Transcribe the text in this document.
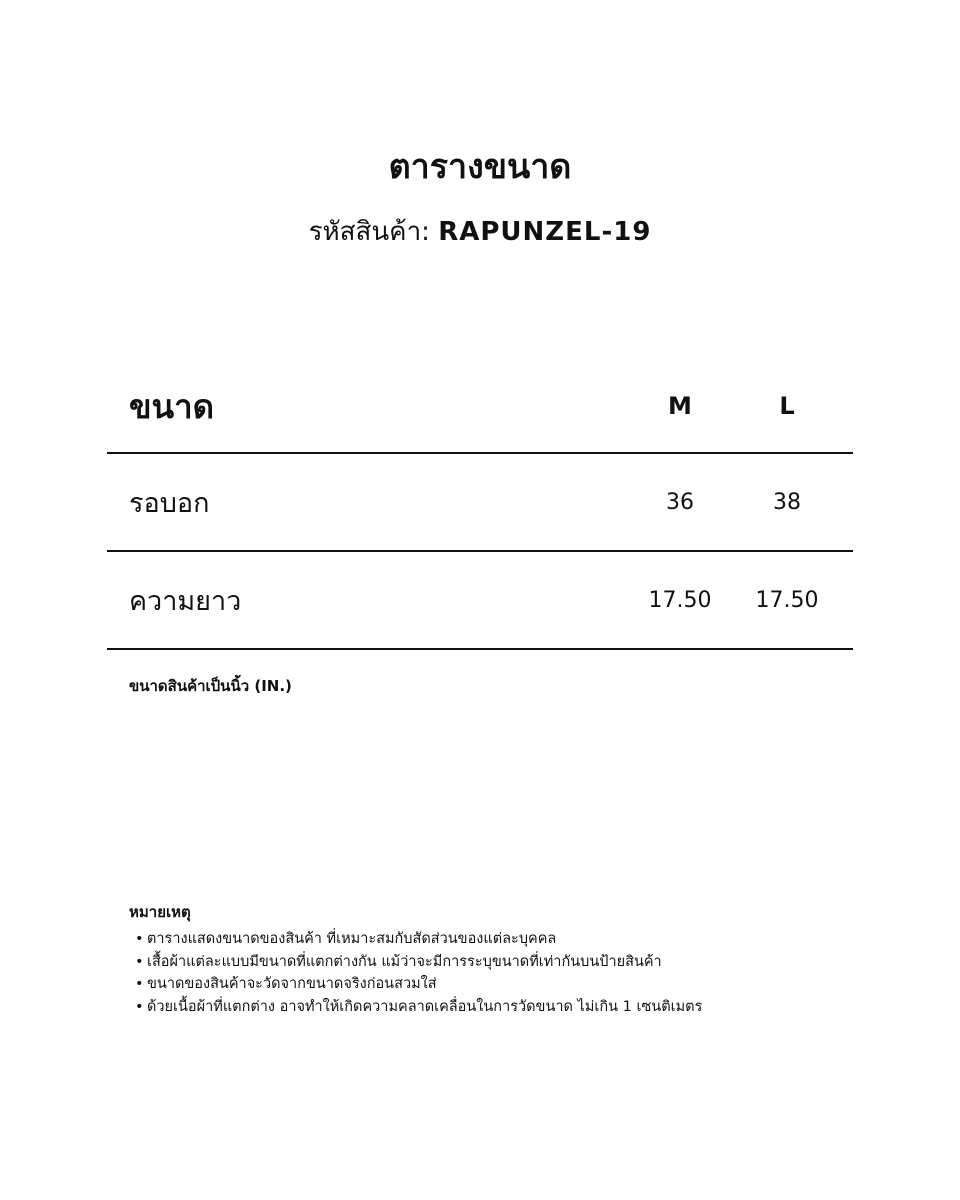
ตารางขนาด
รหัสสินค้า: RAPUNZEL-19
ขนาด	M	L
รอบอก	36	38
ความยาว	17.50	17.50
ขนาดสินค้าเป็นนิ้ว (IN.)
หมายเหตุ
• ตารางแสดงขนาดของสินค้า ที่เหมาะสมกับสัดส่วนของแต่ละบุคคล
• เสื้อผ้าแต่ละแบบมีขนาดที่แตกต่างกัน แม้ว่าจะมีการระบุขนาดที่เท่ากันบนป้ายสินค้า
• ขนาดของสินค้าจะวัดจากขนาดจริงก่อนสวมใส่
• ด้วยเนื้อผ้าที่แตกต่าง อาจทำให้เกิดความคลาดเคลื่อนในการวัดขนาด ไม่เกิน 1 เซนติเมตร
